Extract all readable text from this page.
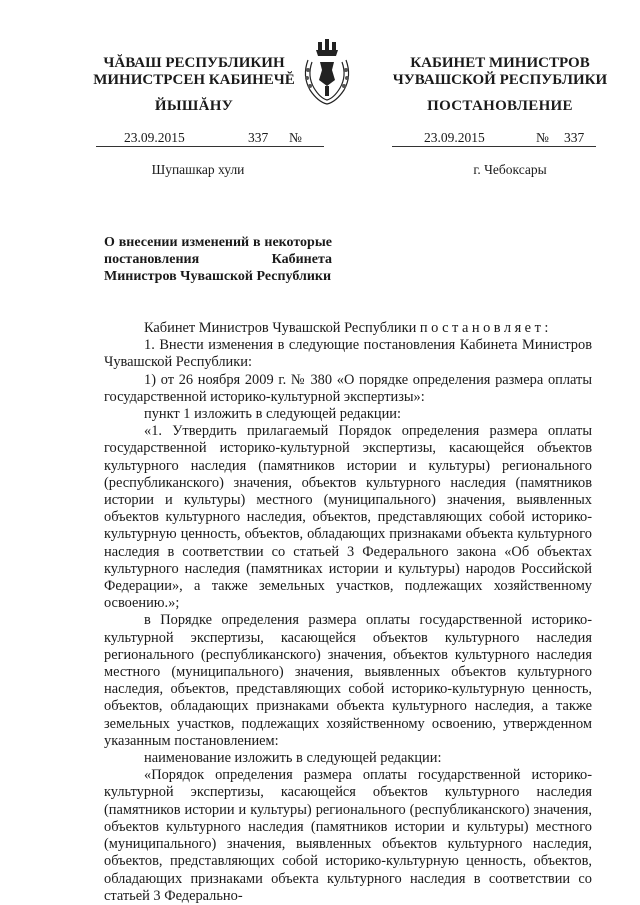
ЧĂВАШ РЕСПУБЛИКИН
МИНИСТРСЕН КАБИНЕЧĔ
КАБИНЕТ МИНИСТРОВ
ЧУВАШСКОЙ РЕСПУБЛИКИ
ЙЫШĂНУ	ПОСТАНОВЛЕНИЕ
23.09.2015	337 №	23.09.2015	№ 337
Шупашкар хули	г. Чебоксары
О внесении изменений в некоторые постановления Кабинета Министров Чувашской Республики

Кабинет Министров Чувашской Республики постановляет:

1. Внести изменения в следующие постановления Кабинета Министров Чувашской Республики:

1) от 26 ноября 2009 г. № 380 «О порядке определения размера оплаты государственной историко-культурной экспертизы»:

пункт 1 изложить в следующей редакции:

«1. Утвердить прилагаемый Порядок определения размера оплаты государственной историко-культурной экспертизы, касающейся объектов культурного наследия (памятников истории и культуры) регионального (республиканского) значения, объектов культурного наследия (памятников истории и культуры) местного (муниципального) значения, выявленных объектов культурного наследия, объектов, представляющих собой историко-культурную ценность, объектов, обладающих признаками объекта культурного наследия в соответствии со статьей 3 Федерального закона «Об объектах культурного наследия (памятниках истории и культуры) народов Российской Федерации», а также земельных участков, подлежащих хозяйственному освоению.»;

в Порядке определения размера оплаты государственной историко-культурной экспертизы, касающейся объектов культурного наследия регионального (республиканского) значения, объектов культурного наследия местного (муниципального) значения, выявленных объектов культурного наследия, объектов, представляющих собой историко-культурную ценность, объектов, обладающих признаками объекта культурного наследия, а также земельных участков, подлежащих хозяйственному освоению, утвержденном указанным постановлением:

наименование изложить в следующей редакции:

«Порядок определения размера оплаты государственной историко-культурной экспертизы, касающейся объектов культурного наследия (памятников истории и культуры) регионального (республиканского) значения, объектов культурного наследия (памятников истории и культуры) местного (муниципального) значения, выявленных объектов культурного наследия, объектов, представляющих собой историко-культурную ценность, объектов, обладающих признаками объекта культурного наследия в соответствии со статьей 3 Федерально-
